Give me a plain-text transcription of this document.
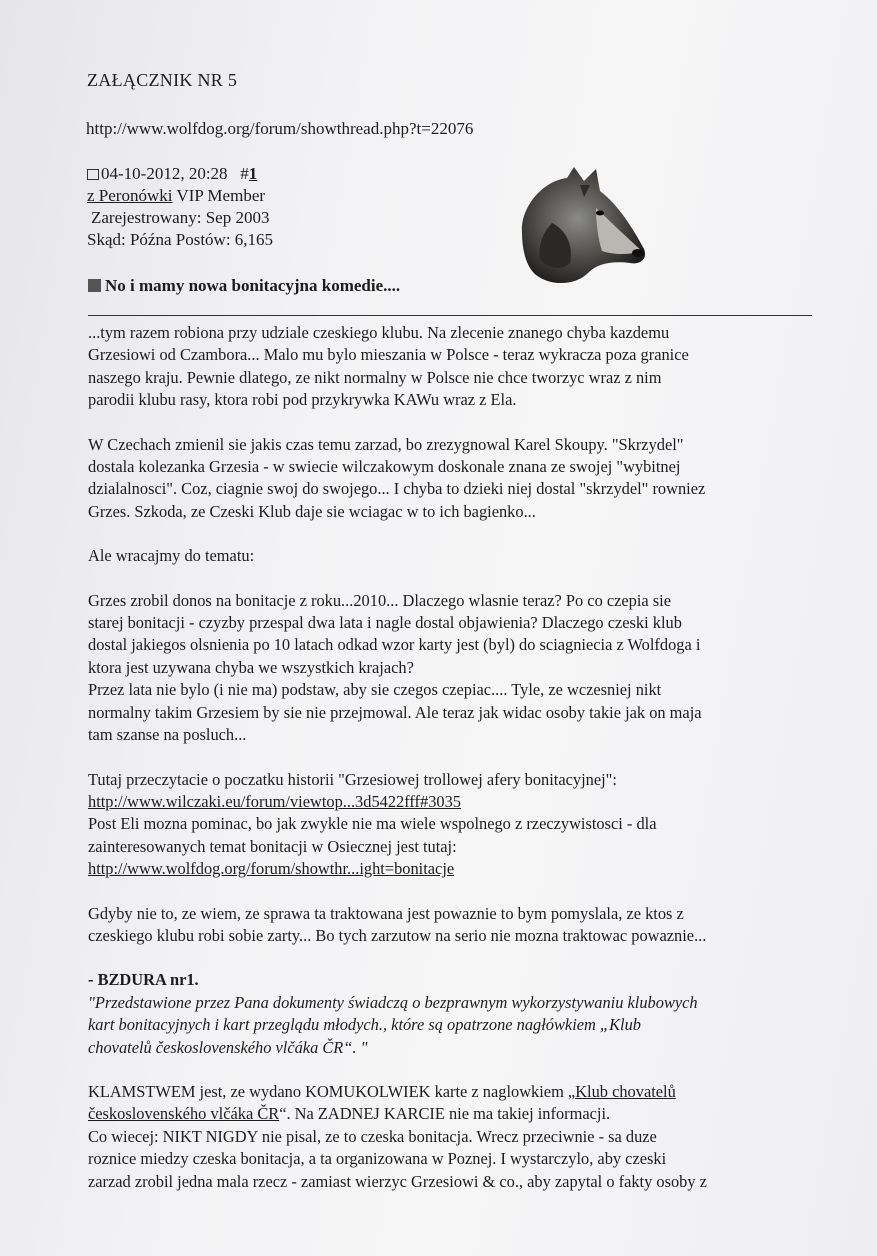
ZAŁĄCZNIK NR 5
http://www.wolfdog.org/forum/showthread.php?t=22076
04-10-2012, 20:28 #1
z Peronówki VIP Member
Zarejestrowany: Sep 2003
Skąd: Późna Postów: 6,165
No i mamy nowa bonitacyjna komedie....

...tym razem robiona przy udziale czeskiego klubu. Na zlecenie znanego chyba kazdemu

Grzesiowi od Czambora... Malo mu bylo mieszania w Polsce - teraz wykracza poza granice

naszego kraju. Pewnie dlatego, ze nikt normalny w Polsce nie chce tworzyc wraz z nim

parodii klubu rasy, ktora robi pod przykrywka KAWu wraz z Ela.

W Czechach zmienil sie jakis czas temu zarzad, bo zrezygnowal Karel Skoupy. "Skrzydel"

dostala kolezanka Grzesia - w swiecie wilczakowym doskonale znana ze swojej "wybitnej

dzialalnosci". Coz, ciagnie swoj do swojego... I chyba to dzieki niej dostal "skrzydel" rowniez

Grzes. Szkoda, ze Czeski Klub daje sie wciagac w to ich bagienko...

Ale wracajmy do tematu:

Grzes zrobil donos na bonitacje z roku...2010... Dlaczego wlasnie teraz? Po co czepia sie

starej bonitacji - czyzby przespal dwa lata i nagle dostal objawienia? Dlaczego czeski klub

dostal jakiegos olsnienia po 10 latach odkad wzor karty jest (byl) do sciagniecia z Wolfdoga i

ktora jest uzywana chyba we wszystkich krajach?

Przez lata nie bylo (i nie ma) podstaw, aby sie czegos czepiac.... Tyle, ze wczesniej nikt

normalny takim Grzesiem by sie nie przejmowal. Ale teraz jak widac osoby takie jak on maja

tam szanse na posluch...

Tutaj przeczytacie o poczatku historii "Grzesiowej trollowej afery bonitacyjnej":

http://www.wilczaki.eu/forum/viewtop...3d5422fff#3035

Post Eli mozna pominac, bo jak zwykle nie ma wiele wspolnego z rzeczywistosci - dla

zainteresowanych temat bonitacji w Osiecznej jest tutaj:

http://www.wolfdog.org/forum/showthr...ight=bonitacje

Gdyby nie to, ze wiem, ze sprawa ta traktowana jest powaznie to bym pomyslala, ze ktos z

czeskiego klubu robi sobie zarty... Bo tych zarzutow na serio nie mozna traktowac powaznie...

- BZDURA nr1.

"Przedstawione przez Pana dokumenty świadczą o bezprawnym wykorzystywaniu klubowych

kart bonitacyjnych i kart przeglądu młodych., które są opatrzone nagłówkiem „Klub

chovatelů československého vlčáka ČR“. "

KLAMSTWEM jest, ze wydano KOMUKOLWIEK karte z naglowkiem „Klub chovatelů

československého vlčáka ČR“. Na ZADNEJ KARCIE nie ma takiej informacji.

Co wiecej: NIKT NIGDY nie pisal, ze to czeska bonitacja. Wrecz przeciwnie - sa duze

roznice miedzy czeska bonitacja, a ta organizowana w Poznej. I wystarczylo, aby czeski

zarzad zrobil jedna mala rzecz - zamiast wierzyc Grzesiowi & co., aby zapytal o fakty osoby z
